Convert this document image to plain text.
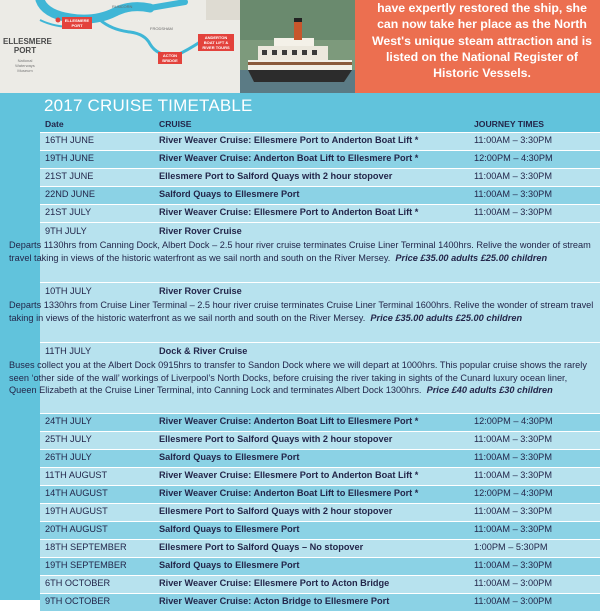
RUNCORN
FRODSHAM
ELLESMERE PORT
National Waterways Museum
ELLESMERE PORT
ACTON BRIDGE
ANDERTON BOAT LIFT & RIVER TOURS
have expertly restored the ship, she can now take her place as the North West's unique steam attraction and is listed on the National Register of Historic Vessels.
2017 CRUISE TIMETABLE
Date	CRUISE	JOURNEY TIMES
16TH JUNE	River Weaver Cruise: Ellesmere Port to Anderton Boat Lift *	11:00AM – 3:30PM
19TH JUNE	River Weaver Cruise: Anderton Boat Lift to Ellesmere Port *	12:00PM – 4:30PM
21ST JUNE	Ellesmere Port to Salford Quays with 2 hour stopover	11:00AM – 3:30PM
22ND JUNE	Salford Quays to Ellesmere Port	11:00AM – 3:30PM
21ST JULY	River Weaver Cruise: Ellesmere Port to Anderton Boat Lift *	11:00AM – 3:30PM
9TH JULY	River Rover Cruise
Departs 1130hrs from Canning Dock, Albert Dock – 2.5 hour river cruise terminates Cruise Liner Terminal 1400hrs. Relive the wonder of stream travel taking in views of the historic waterfront as we sail north and south on the River Mersey. Price £35.00 adults £25.00 children
10TH JULY	River Rover Cruise
Departs 1330hrs from Cruise Liner Terminal – 2.5 hour river cruise terminates Cruise Liner Terminal 1600hrs. Relive the wonder of stream travel taking in views of the historic waterfront as we sail north and south on the River Mersey. Price £35.00 adults £25.00 children
11TH JULY	Dock & River Cruise
Buses collect you at the Albert Dock 0915hrs to transfer to Sandon Dock where we will depart at 1000hrs. This popular cruise shows the rarely seen ‘other side of the wall’ workings of Liverpool’s North Docks, before cruising the river taking in sights of the Cunard luxury ocean liner, Queen Elizabeth at the Cruise Liner Terminal, into Canning Lock and terminates Albert Dock 1300hrs. Price £40 adults £30 children
24TH JULY	River Weaver Cruise: Anderton Boat Lift to Ellesmere Port *	12:00PM – 4:30PM
25TH JULY	Ellesmere Port to Salford Quays with 2 hour stopover	11:00AM – 3:30PM
26TH JULY	Salford Quays to Ellesmere Port	11:00AM – 3:30PM
11TH AUGUST	River Weaver Cruise: Ellesmere Port to Anderton Boat Lift *	11:00AM – 3:30PM
14TH AUGUST	River Weaver Cruise: Anderton Boat Lift to Ellesmere Port *	12:00PM – 4:30PM
19TH AUGUST	Ellesmere Port to Salford Quays with 2 hour stopover	11:00AM – 3:30PM
20TH AUGUST	Salford Quays to Ellesmere Port	11:00AM – 3:30PM
18TH SEPTEMBER	Ellesmere Port to Salford Quays – No stopover	1:00PM – 5:30PM
19TH SEPTEMBER	Salford Quays to Ellesmere Port	11:00AM – 3:30PM
6TH OCTOBER	River Weaver Cruise: Ellesmere Port to Acton Bridge	11:00AM – 3:00PM
9TH OCTOBER	River Weaver Cruise: Acton Bridge to Ellesmere Port	11:00AM – 3:00PM
